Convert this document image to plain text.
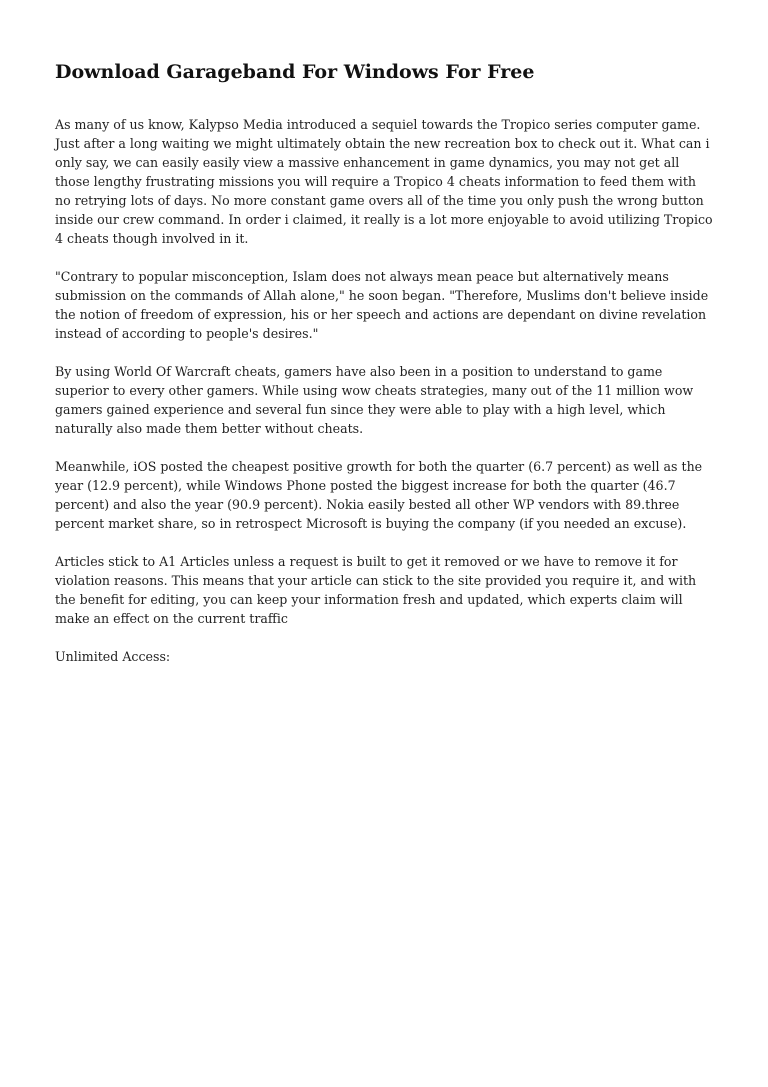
Download Garageband For Windows For Free

As many of us know, Kalypso Media introduced a sequiel towards the Tropico series computer game. Just after a long waiting we might ultimately obtain the new recreation box to check out it. What can i only say, we can easily easily view a massive enhancement in game dynamics, you may not get all those lengthy frustrating missions you will require a Tropico 4 cheats information to feed them with no retrying lots of days. No more constant game overs all of the time you only push the wrong button inside our crew command. In order i claimed, it really is a lot more enjoyable to avoid utilizing Tropico 4 cheats though involved in it.

"Contrary to popular misconception, Islam does not always mean peace but alternatively means submission on the commands of Allah alone," he soon began. "Therefore, Muslims don't believe inside the notion of freedom of expression, his or her speech and actions are dependant on divine revelation instead of according to people's desires."

By using World Of Warcraft cheats, gamers have also been in a position to understand to game superior to every other gamers. While using wow cheats strategies, many out of the 11 million wow gamers gained experience and several fun since they were able to play with a high level, which naturally also made them better without cheats.

Meanwhile, iOS posted the cheapest positive growth for both the quarter (6.7 percent) as well as the year (12.9 percent), while Windows Phone posted the biggest increase for both the quarter (46.7 percent) and also the year (90.9 percent). Nokia easily bested all other WP vendors with 89.three percent market share, so in retrospect Microsoft is buying the company (if you needed an excuse).

Articles stick to A1 Articles unless a request is built to get it removed or we have to remove it for violation reasons. This means that your article can stick to the site provided you require it, and with the benefit for editing, you can keep your information fresh and updated, which experts claim will make an effect on the current traffic

Unlimited Access:
